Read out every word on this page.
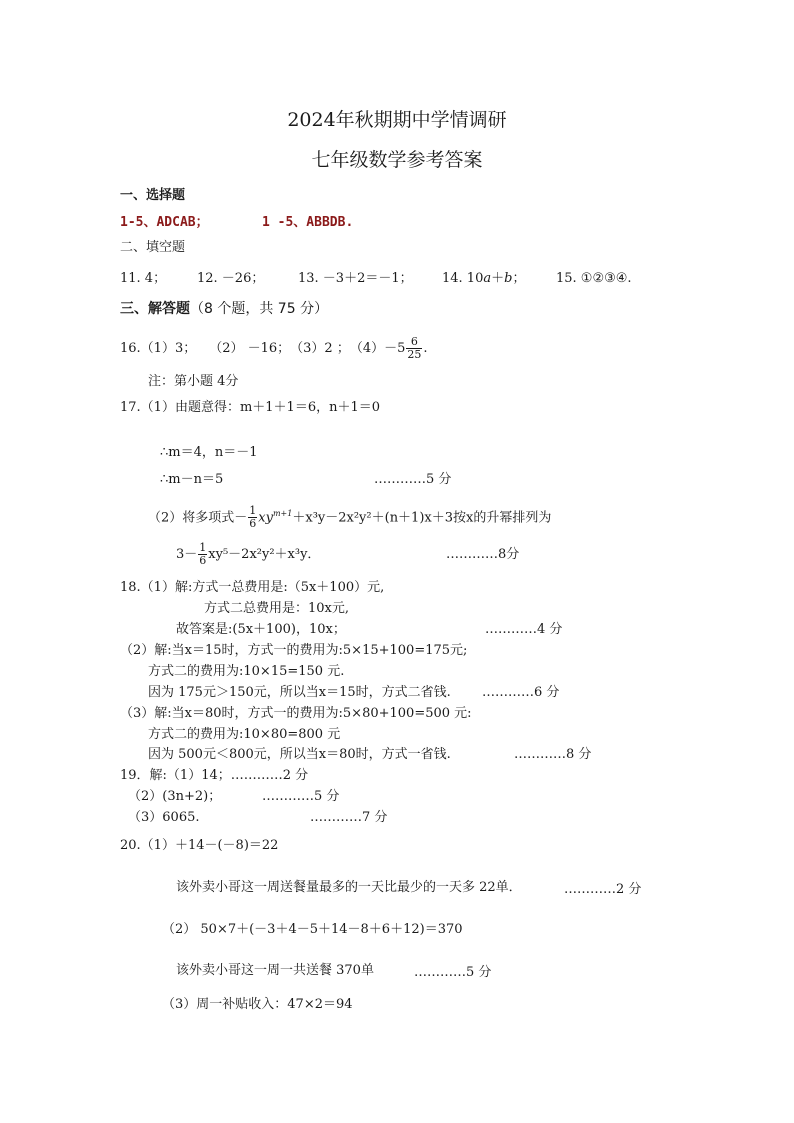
2024年秋期期中学情调研
七年级数学参考答案
一、选择题
1-5、ADCAB；	1 -5、ABBDB.
二、填空题
11. 4； 12. －26；	13. －3＋2＝－1； 14. 10a＋b； 15. ①②③④.
三、解答题（8 个题，共 75 分）
16.（1）3；　　（2） －16；　（3）2 ；　$(4)-5 \frac{6}{25}$ .
注：第小题 4分
17.（1）由题意得：m＋1＋1＝6，n＋1＝0
∴m＝4，n＝－1
∴m－n＝5	…………5 分
（2）将多项式－ $\frac{1}{6} xy^{m+1}+x^3y-2x^2y^2+(n+1)x+3$按x的升幂排列为
$3- \frac{1}{6} xy^5-2x^2y^2+x^3y$．	…………8分
18.（1）解:方式一总费用是:（5x＋100）元,
方式二总费用是：10x元,
故答案是:(5x＋100)，10x；	…………4 分
（2）解:当x＝15时，方式一的费用为:5×15+100=175元;
方式二的费用为:10×15=150 元.
因为 175元＞150元，所以当x＝15时，方式二省钱. …………6 分
（3）解:当x＝80时，方式一的费用为:5×80+100=500 元:
方式二的费用为:10×80=800 元
因为 500元＜800元，所以当x＝80时，方式一省钱.	…………8 分
19．解:（1）14；…………2 分
（2）(3n+2)；	…………5 分
（3）6065.	…………7 分
20.（1）＋14－(－8)＝22
该外卖小哥这一周送餐量最多的一天比最少的一天多 22单．	…………2 分
（2） 50×7＋(－3＋4－5＋14－8＋6＋12)＝370
该外卖小哥这一周一共送餐 370单	…………5 分
（3）周一补贴收入：47×2＝94
